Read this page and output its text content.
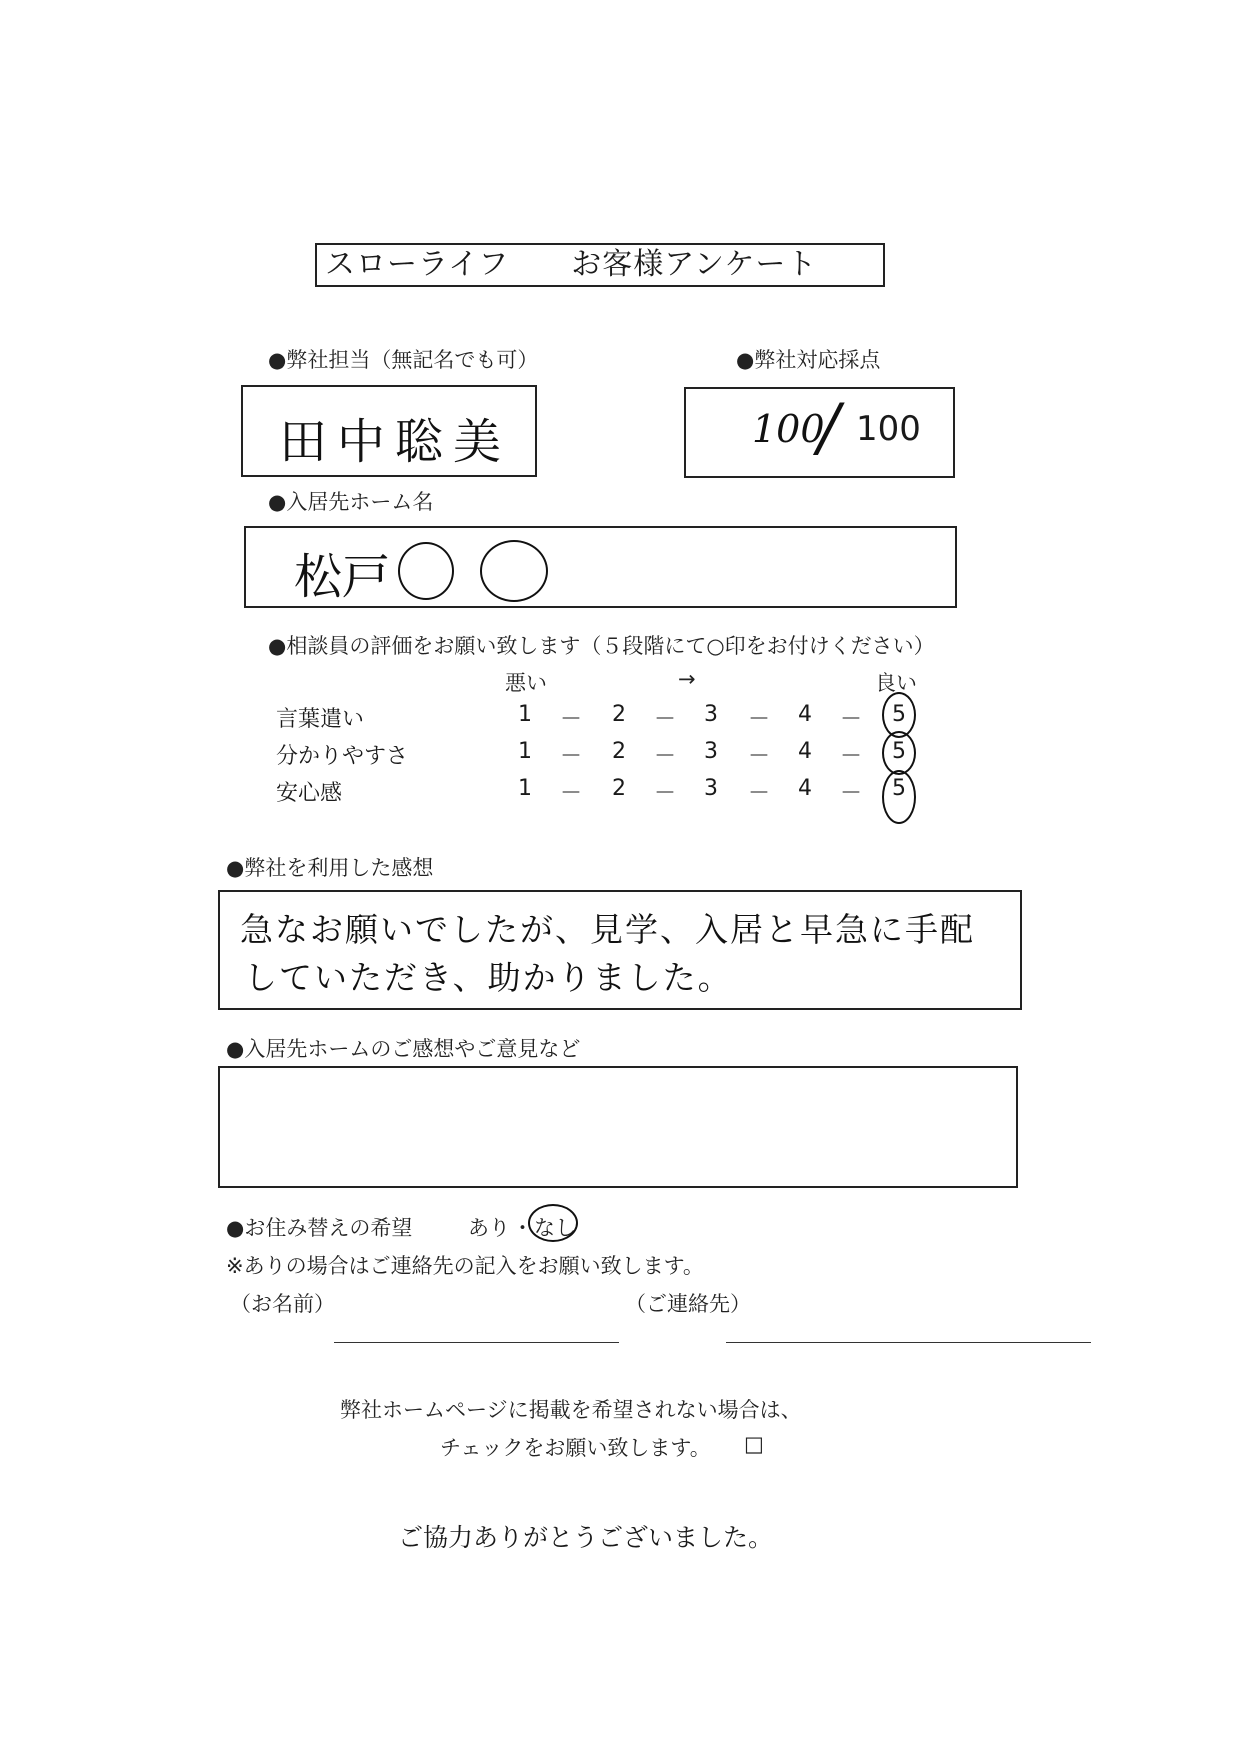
スローライフ　　お客様アンケート
●弊社担当（無記名でも可）
田中聡美
●弊社対応採点
100
/ 100
●入居先ホーム名
松戸
●相談員の評価をお願い致します（５段階にて○印をお付けください）
悪い	→	良い
言葉遣い	1 － 2 － 3 － 4 － 5
分かりやすさ	1 － 2 － 3 － 4 － 5
安心感	1 － 2 － 3 － 4 － 5
●弊社を利用した感想
急なお願いでしたが、見学、入居と早急に手配
していただき、助かりました。
●入居先ホームのご感想やご意見など
●お住み替えの希望	あり ・ なし
※ありの場合はご連絡先の記入をお願い致します。
（お名前）	（ご連絡先）
弊社ホームページに掲載を希望されない場合は、
チェックをお願い致します。 □
ご協力ありがとうございました。
